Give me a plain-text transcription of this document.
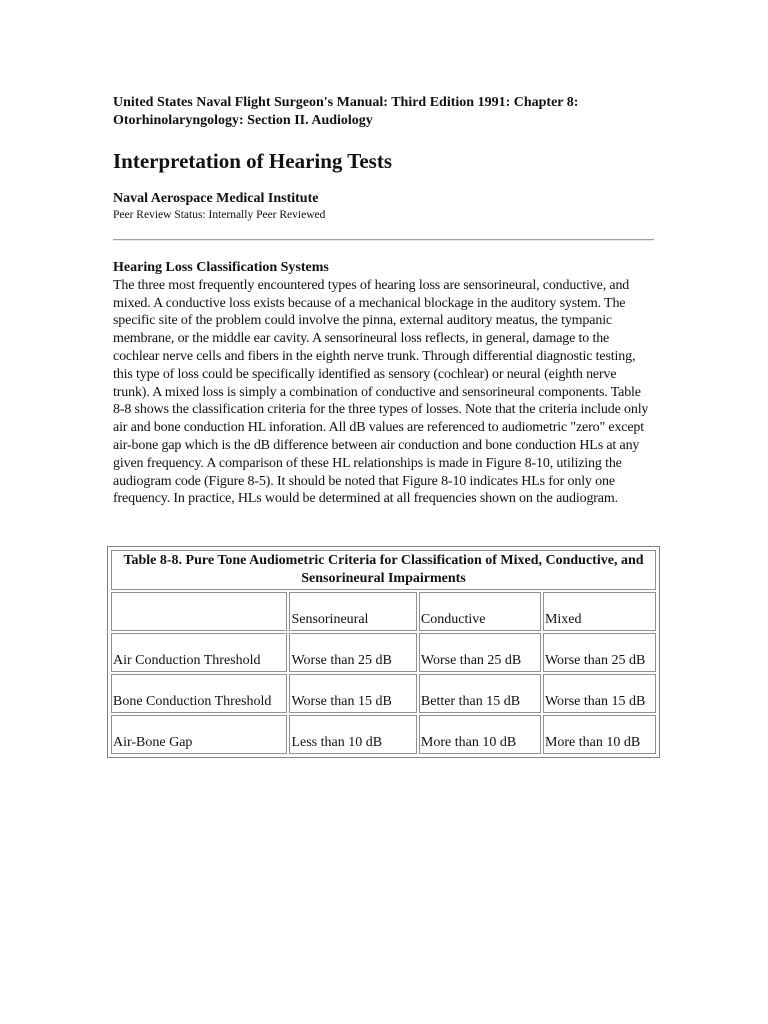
United States Naval Flight Surgeon's Manual: Third Edition 1991: Chapter 8: Otorhinolaryngology: Section II. Audiology

Interpretation of Hearing Tests

Naval Aerospace Medical Institute

Peer Review Status: Internally Peer Reviewed

Hearing Loss Classification Systems

The three most frequently encountered types of hearing loss are sensorineural, conductive, and mixed. A conductive loss exists because of a mechanical blockage in the auditory system. The specific site of the problem could involve the pinna, external auditory meatus, the tympanic membrane, or the middle ear cavity. A sensorineural loss reflects, in general, damage to the cochlear nerve cells and fibers in the eighth nerve trunk. Through differential diagnostic testing, this type of loss could be specifically identified as sensory (cochlear) or neural (eighth nerve trunk). A mixed loss is simply a combination of conductive and sensorineural components. Table 8-8 shows the classification criteria for the three types of losses. Note that the criteria include only air and bone conduction HL inforation. All dB values are referenced to audiometric "zero" except air-bone gap which is the dB difference between air conduction and bone conduction HLs at any given frequency. A comparison of these HL relationships is made in Figure 8-10, utilizing the audiogram code (Figure 8-5). It should be noted that Figure 8-10 indicates HLs for only one frequency. In practice, HLs would be determined at all frequencies shown on the audiogram.

Table 8-8. Pure Tone Audiometric Criteria for Classification of Mixed, Conductive, and Sensorineural Impairments			
	Sensorineural	Conductive	Mixed
Air Conduction Threshold	Worse than 25 dB	Worse than 25 dB	Worse than 25 dB
Bone Conduction Threshold	Worse than 15 dB	Better than 15 dB	Worse than 15 dB
Air-Bone Gap	Less than 10 dB	More than 10 dB	More than 10 dB
